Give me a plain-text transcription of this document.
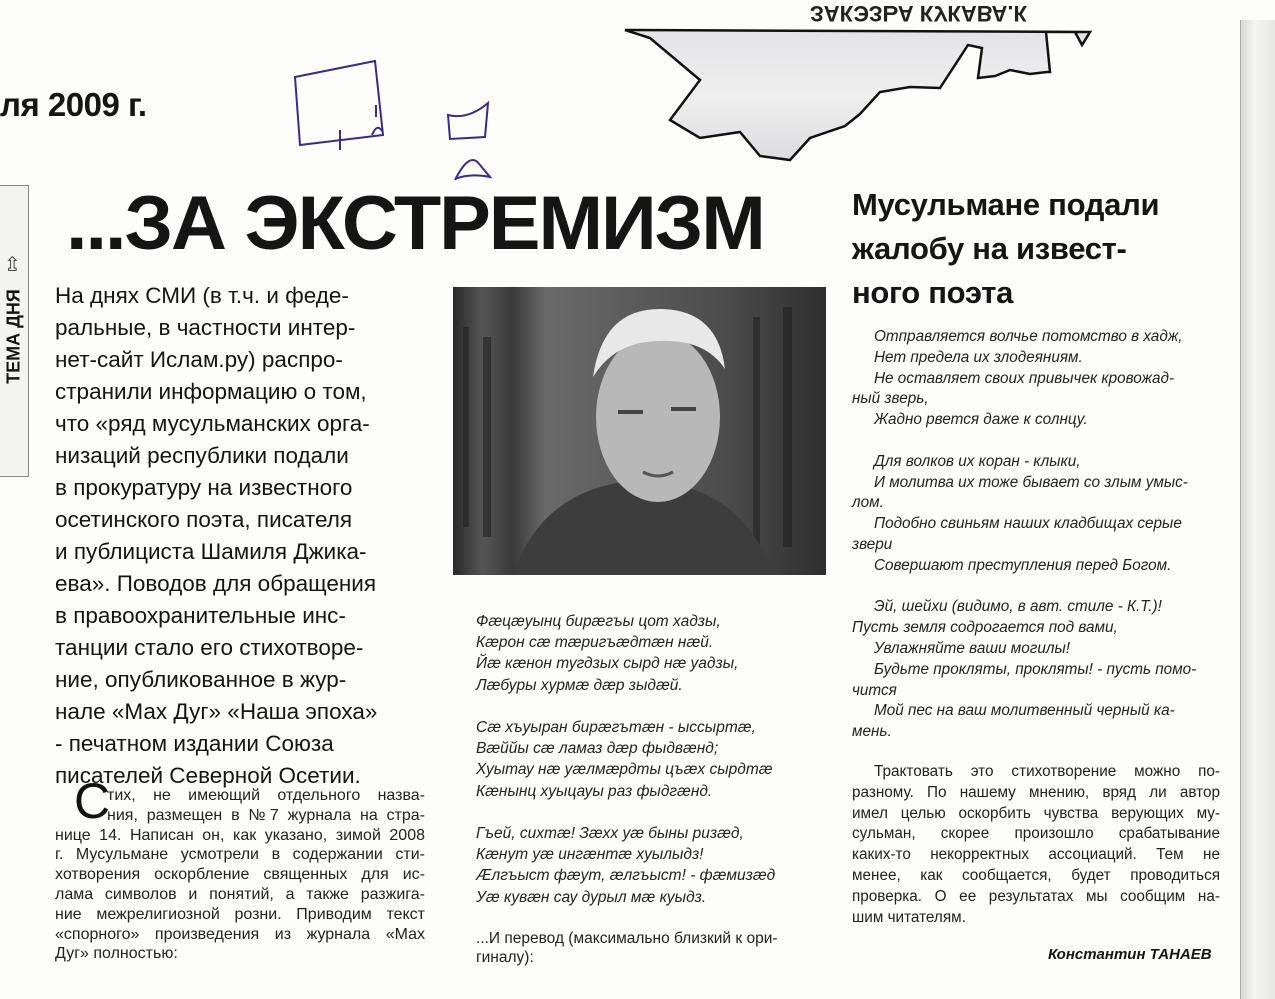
ЗАКЭЗЬА КУКАВА.К
ля 2009 г.
ТЕМА ДНЯ
⇫ ...ЗА ЭКСТРЕМИЗМ	Мусульмане подали
жалобу на извест-
ного поэта
На днях СМИ (в т.ч. и феде-
ральные, в частности интер-
нет-сайт Ислам.ру) распро-
странили информацию о том,
что «ряд мусульманских орга-
низаций республики подали
в прокуратуру на известного
осетинского поэта, писателя
и публициста Шамиля Джика-
ева». Поводов для обращения
в правоохранительные инс-
танции стало его стихотворе-
ние, опубликованное в жур-
нале «Мах Дуг» «Наша эпоха»
- печатном издании Союза
писателей Северной Осетии.
С
тих, не имеющий отдельного назва-
ния, размещен в №7 журнала на стра-
нице 14. Написан он, как указано, зимой 2008
г. Мусульмане усмотрели в содержании сти-
хотворения оскорбление священных для ис-
лама символов и понятий, а также разжига-
ние межрелигиозной розни. Приводим текст
«спорного» произведения из журнала «Мах
Дуг» полностью:
Фæцæуынц бирæгъы цот хадзы,
Кæрон сæ тæригъæдтæн нæй.
Йæ кæнон тугдзых сырд нæ уадзы,
Лæбуры хурмæ дæр зыдæй.

Сæ хъуыран бирæгътæн - ыссыртæ,
Вæййы сæ ламаз дæр фыдвæнд;
Хуытау нæ уæлмæрдты цъæх сырдтæ
Кæнынц хуыцауы раз фыдгæнд.

Гъей, сихтæ! Зæхх уæ быны ризæд,
Кæнут уæ ингæнтæ хуылыдз!
Æлгъыст фæут, æлгъыст! - фæмизæд
Уæ кувæн сау дурыл мæ куыдз.
...И перевод (максимально близкий к ори-
гиналу):
Отправляется волчье потомство в хадж,
Нет предела их злодеяниям.
Не оставляет своих привычек кровожад-
ный зверь,
Жадно рвется даже к солнцу.

Для волков их коран - клыки,
И молитва их тоже бывает со злым умыс-
лом.
Подобно свиньям наших кладбищах серые
звери
Совершают преступления перед Богом.

Эй, шейхи (видимо, в авт. стиле - К.Т.)!
Пусть земля содрогается под вами,
Увлажняйте ваши могилы!
Будьте прокляты, прокляты! - пусть помо-
чится
Мой пес на ваш молитвенный черный ка-
мень.
Трактовать это стихотворение можно по-
разному. По нашему мнению, вряд ли автор
имел целью оскорбить чувства верующих му-
сульман, скорее произошло срабатывание
каких-то некорректных ассоциаций. Тем не
менее, как сообщается, будет проводиться
проверка. О ее результатах мы сообщим на-
шим читателям.
Константин ТАНАЕВ
